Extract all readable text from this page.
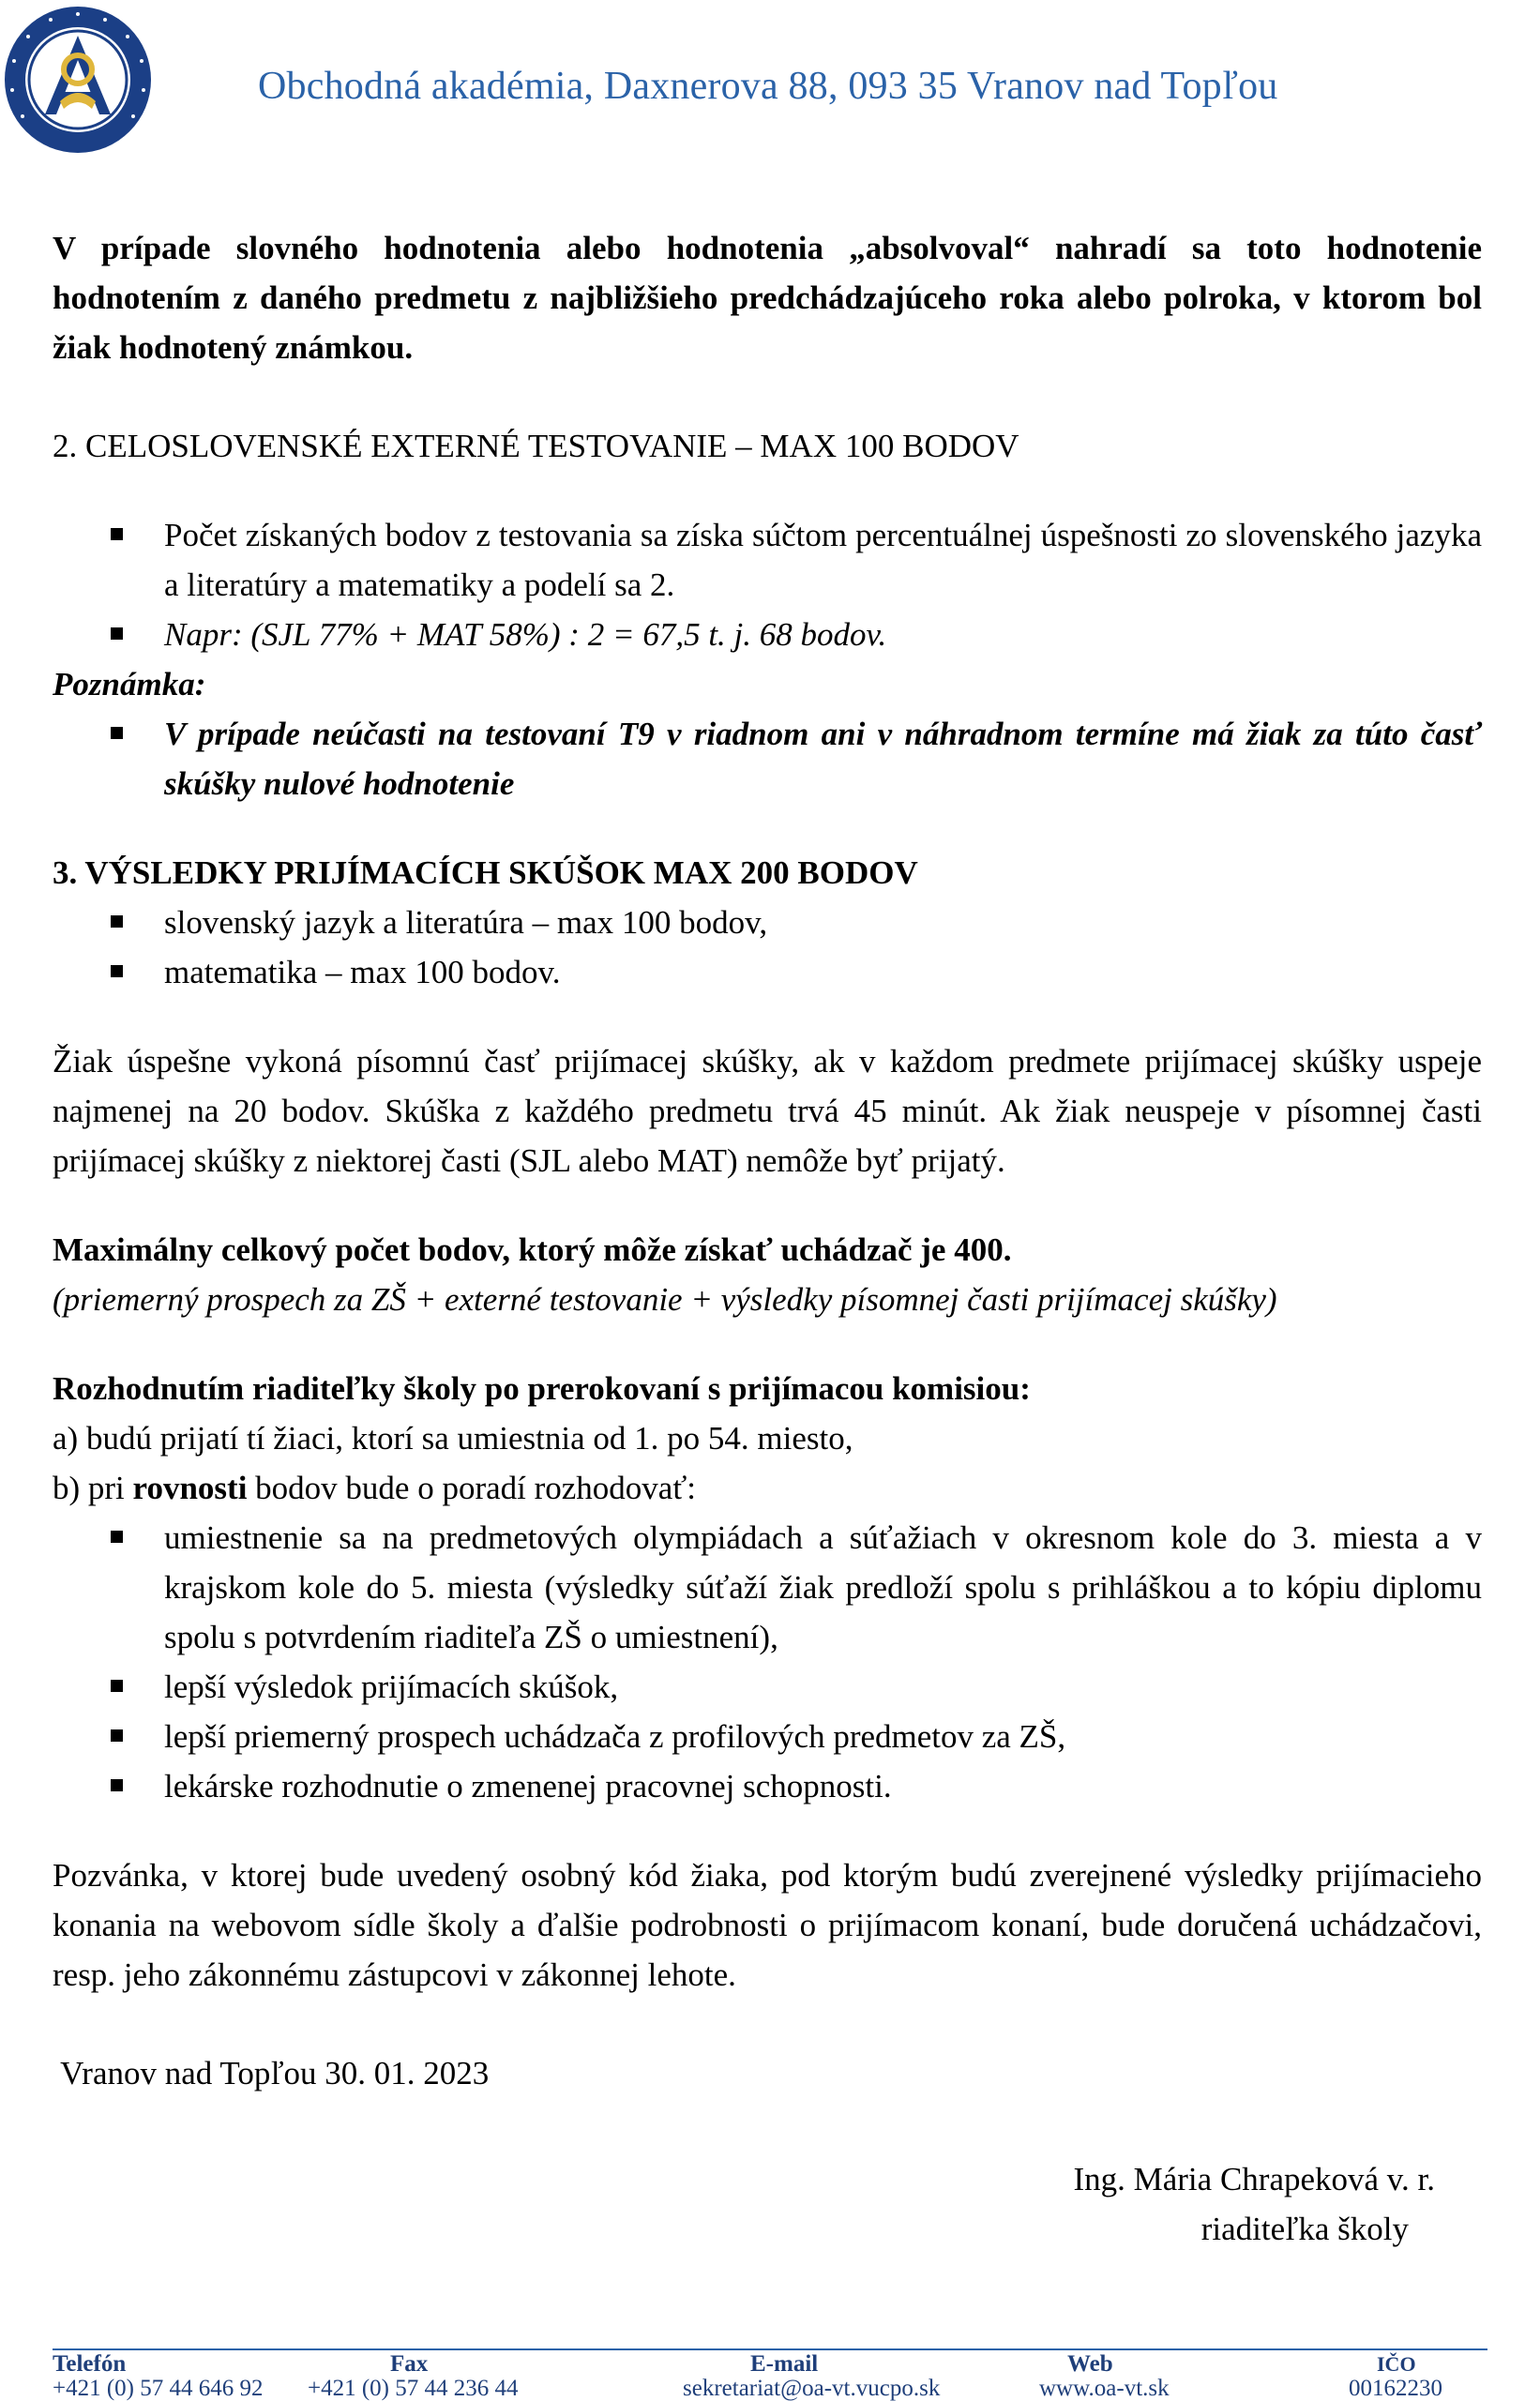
Obchodná akadémia, Daxnerova 88, 093 35 Vranov nad Topľou

V prípade slovného hodnotenia alebo hodnotenia „absolvoval“ nahradí sa toto hodnotenie hodnotením z daného predmetu z najbližšieho predchádzajúceho roka alebo polroka, v ktorom bol žiak hodnotený známkou.

2. CELOSLOVENSKÉ EXTERNÉ TESTOVANIE – MAX 100 BODOV

Počet získaných bodov z testovania sa získa súčtom percentuálnej úspešnosti zo slovenského jazyka a literatúry a matematiky a podelí sa 2.
Napr: (SJL 77% + MAT 58%) : 2 = 67,5 t. j. 68 bodov.

Poznámka:

V prípade neúčasti na testovaní T9 v riadnom ani v náhradnom termíne má žiak za túto časť skúšky nulové hodnotenie

3. VÝSLEDKY PRIJÍMACÍCH SKÚŠOK MAX 200 BODOV

slovenský jazyk a literatúra – max 100 bodov,
matematika – max 100 bodov.

Žiak úspešne vykoná písomnú časť prijímacej skúšky, ak v každom predmete prijímacej skúšky uspeje najmenej na 20 bodov. Skúška z každého predmetu trvá 45 minút. Ak žiak neuspeje v písomnej časti prijímacej skúšky z niektorej časti (SJL alebo MAT) nemôže byť prijatý.

Maximálny celkový počet bodov, ktorý môže získať uchádzač je 400.

(priemerný prospech za ZŠ + externé testovanie + výsledky písomnej časti prijímacej skúšky)

Rozhodnutím riaditeľky školy po prerokovaní s prijímacou komisiou:

a) budú prijatí tí žiaci, ktorí sa umiestnia od 1. po 54. miesto,

b) pri rovnosti bodov bude o poradí rozhodovať:

umiestnenie sa na predmetových olympiádach a súťažiach v okresnom kole do 3. miesta a v krajskom kole do 5. miesta (výsledky súťaží žiak predloží spolu s prihláškou a to kópiu diplomu spolu s potvrdením riaditeľa ZŠ o umiestnení),
lepší výsledok prijímacích skúšok,
lepší priemerný prospech uchádzača z profilových predmetov za ZŠ,
lekárske rozhodnutie o zmenenej pracovnej schopnosti.

Pozvánka, v ktorej bude uvedený osobný kód žiaka, pod ktorým budú zverejnené výsledky prijímacieho konania na webovom sídle školy a ďalšie podrobnosti o prijímacom konaní, bude doručená uchádzačovi, resp. jeho zákonnému zástupcovi v zákonnej lehote.

Vranov nad Topľou 30. 01. 2023

Ing. Mária Chrapeková v. r.

riaditeľka školy

Telefón
+421 (0) 57 44 646 92
Fax
+421 (0) 57 44 236 44
E-mail
sekretariat@oa-vt.vucpo.sk
Web
www.oa-vt.sk
IČO
00162230
